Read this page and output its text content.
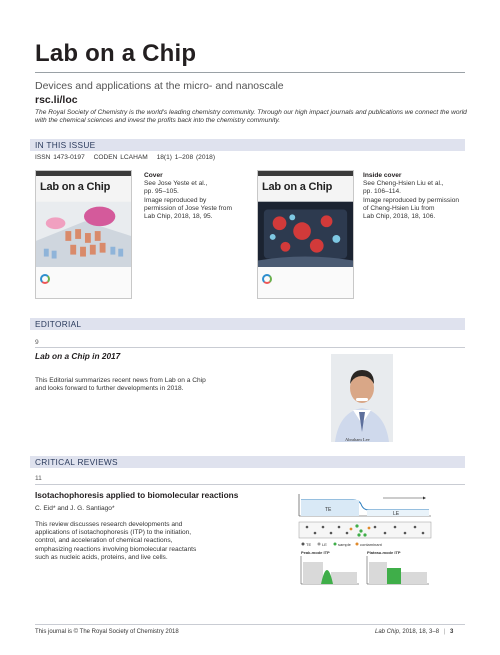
Lab on a Chip
Devices and applications at the micro- and nanoscale
rsc.li/loc
The Royal Society of Chemistry is the world’s leading chemistry community. Through our high impact journals and publications we connect the world with the chemical sciences and invest the profits back into the chemistry community.
IN THIS ISSUE
ISSN 1473-0197 CODEN LCAHAM 18(1) 1–208 (2018)
Lab on a Chip
Cover
See Jose Yeste et al.,
pp. 95–105.
Image reproduced by
permission of Jose Yeste from
Lab Chip, 2018, 18, 95.
Lab on a Chip
Inside cover
See Cheng-Hsien Liu et al.,
pp. 106–114.
Image reproduced by permission
of Cheng-Hsien Liu from
Lab Chip, 2018, 18, 106.
EDITORIAL
9
Lab on a Chip in 2017
This Editorial summarizes recent news from Lab on a Chip
and looks forward to further developments in 2018.
Abraham Lee
CRITICAL REVIEWS
11
Isotachophoresis applied to biomolecular reactions
C. Eid* and J. G. Santiago*
This review discusses research developments and
applications of isotachophoresis (ITP) to the initiation,
control, and acceleration of chemical reactions,
emphasizing reactions involving biomolecular reactants
such as nucleic acids, proteins, and live cells.
TE
LE
TE	LE	sample contaminant
Peak-mode ITP	Plateau-mode ITP
This journal is © The Royal Society of Chemistry 2018	Lab Chip, 2018, 18, 3–8 | 3
